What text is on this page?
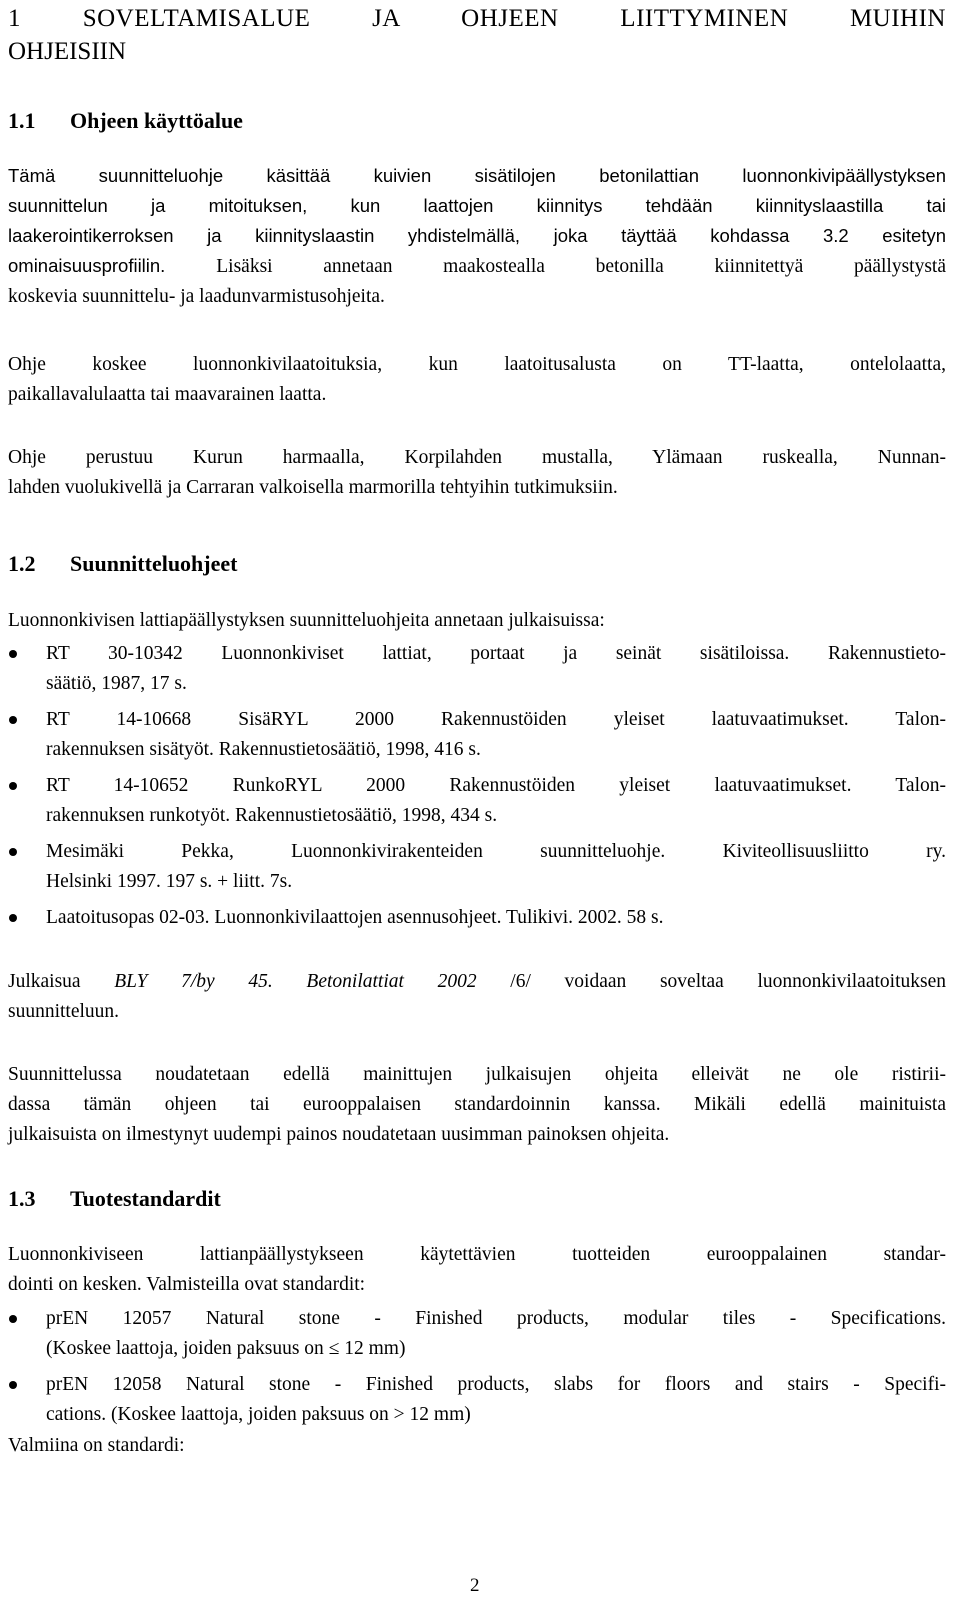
1 SOVELTAMISALUE JA OHJEEN LIITTYMINEN MUIHIN
OHJEISIIN
1.1 Ohjeen käyttöalue
Tämä suunnitteluohje käsittää kuivien sisätilojen betonilattian luonnonkivipäällystyksen
suunnittelun ja mitoituksen, kun laattojen kiinnitys tehdään kiinnityslaastilla tai
laakerointikerroksen ja kiinnityslaastin yhdistelmällä, joka täyttää kohdassa 3.2 esitetyn
ominaisuusprofiilin.	Lisäksi annetaan maakostealla betonilla kiinnitettyä päällystystä
koskevia suunnittelu- ja laadunvarmistusohjeita.
Ohje koskee luonnonkivilaatoituksia, kun laatoitusalusta on TT-laatta, ontelolaatta,
paikallavalulaatta tai maavarainen laatta.
Ohje perustuu Kurun harmaalla, Korpilahden mustalla, Ylämaan ruskealla, Nunnan-
lahden vuolukivellä ja Carraran valkoisella marmorilla tehtyihin tutkimuksiin.
1.2 Suunnitteluohjeet
Luonnonkivisen lattiapäällystyksen suunnitteluohjeita annetaan julkaisuissa:
RT 30-10342 Luonnonkiviset lattiat, portaat ja seinät sisätiloissa. Rakennustieto-
säätiö, 1987, 17 s.
RT 14-10668 SisäRYL 2000 Rakennustöiden yleiset laatuvaatimukset. Talon-
rakennuksen sisätyöt. Rakennustietosäätiö, 1998, 416 s.
RT 14-10652 RunkoRYL 2000 Rakennustöiden yleiset laatuvaatimukset. Talon-
rakennuksen runkotyöt. Rakennustietosäätiö, 1998, 434 s.
Mesimäki Pekka, Luonnonkivirakenteiden suunnitteluohje. Kiviteollisuusliitto ry.
Helsinki 1997. 197 s. + liitt. 7s.
Laatoitusopas 02-03. Luonnonkivilaattojen asennusohjeet. Tulikivi. 2002. 58 s.
Julkaisua BLY 7/by 45. Betonilattiat 2002 /6/ voidaan soveltaa luonnonkivilaatoituksen
suunnitteluun.
Suunnittelussa noudatetaan edellä mainittujen julkaisujen ohjeita elleivät ne ole ristirii-
dassa tämän ohjeen tai eurooppalaisen standardoinnin kanssa. Mikäli edellä mainituista
julkaisuista on ilmestynyt uudempi painos noudatetaan uusimman painoksen ohjeita.
1.3 Tuotestandardit
Luonnonkiviseen lattianpäällystykseen käytettävien tuotteiden eurooppalainen standar-
dointi on kesken. Valmisteilla ovat standardit:
prEN 12057 Natural stone - Finished products, modular tiles - Specifications.
(Koskee laattoja, joiden paksuus on ≤ 12 mm)
prEN 12058 Natural stone - Finished products, slabs for floors and stairs - Specifi-
cations. (Koskee laattoja, joiden paksuus on > 12 mm)
Valmiina on standardi:
2
